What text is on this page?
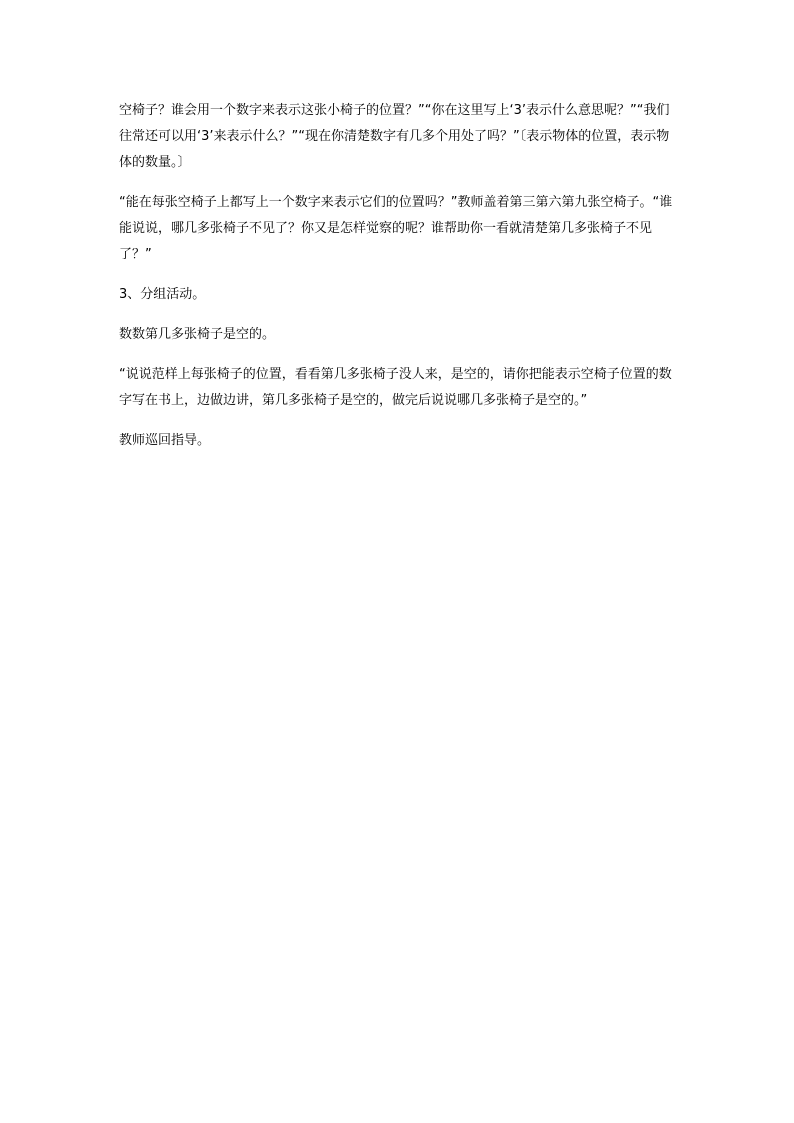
空椅子？谁会用一个数字来表示这张小椅子的位置？”“你在这里写上‘3’表示什么意思呢？”“我们往常还可以用‘3’来表示什么？”“现在你清楚数字有几多个用处了吗？”〔表示物体的位置，表示物体的数量。〕

“能在每张空椅子上都写上一个数字来表示它们的位置吗？”教师盖着第三第六第九张空椅子。“谁能说说，哪几多张椅子不见了？你又是怎样觉察的呢？谁帮助你一看就清楚第几多张椅子不见了？”

3、分组活动。

数数第几多张椅子是空的。

“说说范样上每张椅子的位置，看看第几多张椅子没人来，是空的，请你把能表示空椅子位置的数字写在书上，边做边讲，第几多张椅子是空的，做完后说说哪几多张椅子是空的。”

教师巡回指导。
